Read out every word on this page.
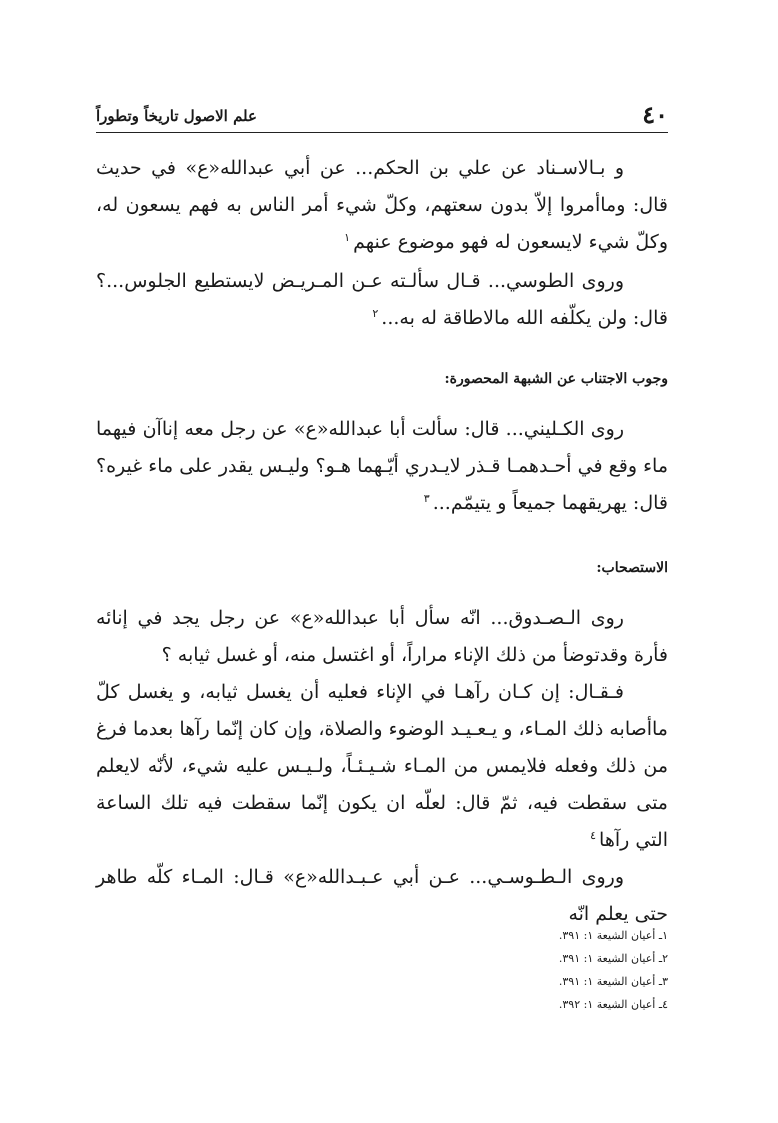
٤٠
علم الاصول تاريخاً وتطوراً

و بـالاسـناد عن علي بن الحكم... عن أبي عبدالله«ع» في حديث قال: وماأمروا إلاّ بدون سعتهم، وكلّ شيء أمر الناس به فهم يسعون له، وكلّ شيء لايسعون له فهو موضوع عنهم$^١$

وروى الطوسي... قـال سألـته عـن المـريـض لايستطيع الجلوس...؟ قال: ولن يكلّفه الله مالاطاقة له به...$^٢$

وجوب الاجتناب عن الشبهة المحصورة:

روى الكـليني... قال: سألت أبا عبدالله«ع» عن رجل معه إناآن فيهما ماء وقع في أحـدهمـا قـذر لايـدري أيّـهما هـو؟ وليـس يقدر على ماء غيره؟ قال: يهريقهما جميعاً و يتيمّم...$^٣$

الاستصحاب:

روى الـصـدوق... انّه سأل أبا عبدالله«ع» عن رجل يجد في إنائه فأرة وقدتوضأ من ذلك الإناء مراراً، أو اغتسل منه، أو غسل ثيابه ؟

فـقـال: إن كـان رآهـا في الإناء فعليه أن يغسل ثيابه، و يغسل كلّ ماأصابه ذلك المـاء، و يـعـيـد الوضوء والصلاة، وإن كان إنّما رآها بعدما فرغ من ذلك وفعله فلايمس من المـاء شـيـئـاً، ولـيـس عليه شيء، لأنّه لايعلم متى سقطت فيه، ثمّ قال: لعلّه ان يكون إنّما سقطت فيه تلك الساعة التي رآها$^٤$

وروى الـطـوسـي... عـن أبي عـبـدالله«ع» قـال: المـاء كلّه طاهر حتى يعلم انّه

١ـ أعيان الشيعة ١: ٣٩١.
٢ـ أعيان الشيعة ١: ٣٩١.
٣ـ أعيان الشيعة ١: ٣٩١.
٤ـ أعيان الشيعة ١: ٣٩٢.
